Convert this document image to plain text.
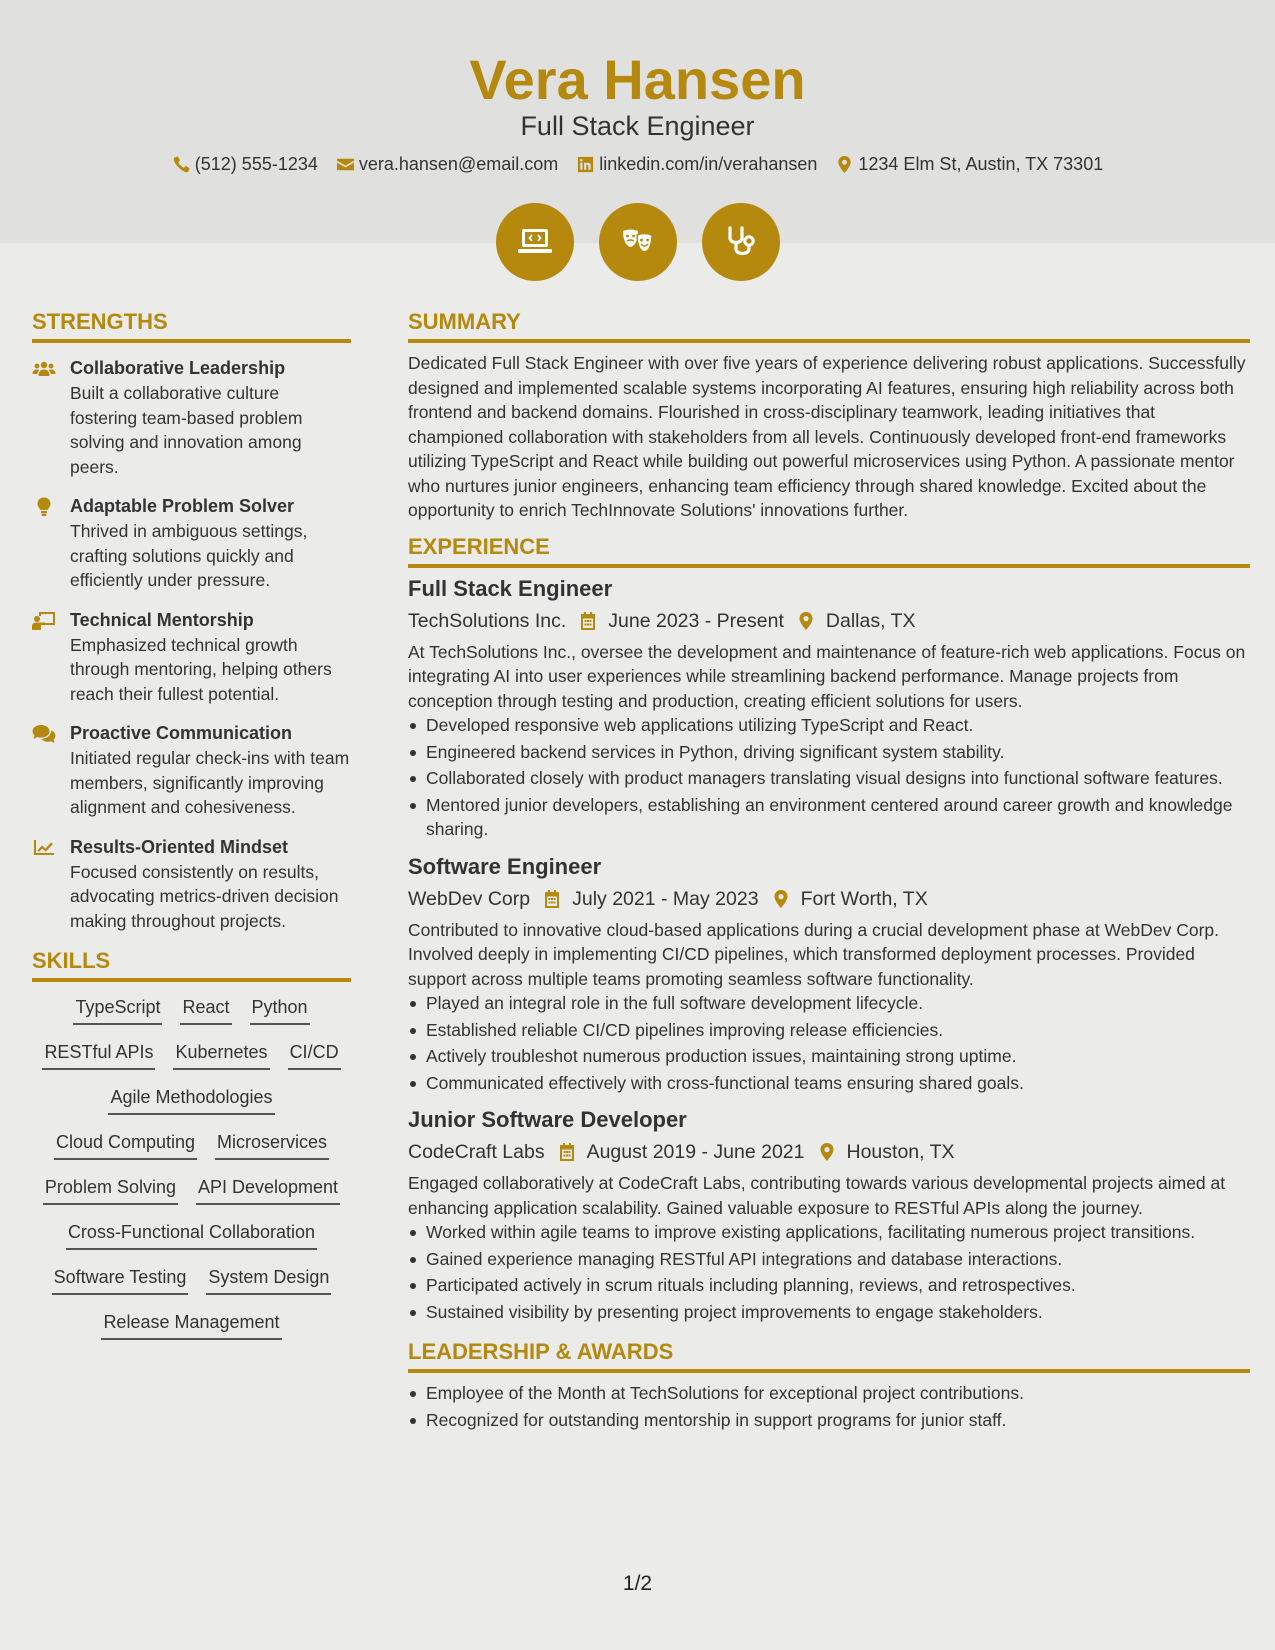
Vera Hansen
Full Stack Engineer
(512) 555-1234 vera.hansen@email.com linkedin.com/in/verahansen 1234 Elm St, Austin, TX 73301
STRENGTHS
Collaborative Leadership
Built a collaborative culture fostering team-based problem solving and innovation among peers.
Adaptable Problem Solver
Thrived in ambiguous settings, crafting solutions quickly and efficiently under pressure.
Technical Mentorship
Emphasized technical growth through mentoring, helping others reach their fullest potential.
Proactive Communication
Initiated regular check-ins with team members, significantly improving alignment and cohesiveness.
Results-Oriented Mindset
Focused consistently on results, advocating metrics-driven decision making throughout projects.
SKILLS
TypeScript React Python
RESTful APIs Kubernetes CI/CD
Agile Methodologies
Cloud Computing Microservices
Problem Solving API Development
Cross-Functional Collaboration
Software Testing System Design
Release Management
SUMMARY
Dedicated Full Stack Engineer with over five years of experience delivering robust applications. Successfully designed and implemented scalable systems incorporating AI features, ensuring high reliability across both frontend and backend domains. Flourished in cross-disciplinary teamwork, leading initiatives that championed collaboration with stakeholders from all levels. Continuously developed front-end frameworks utilizing TypeScript and React while building out powerful microservices using Python. A passionate mentor who nurtures junior engineers, enhancing team efficiency through shared knowledge. Excited about the opportunity to enrich TechInnovate Solutions' innovations further.
EXPERIENCE
Full Stack Engineer
TechSolutions Inc. June 2023 - Present Dallas, TX
At TechSolutions Inc., oversee the development and maintenance of feature-rich web applications. Focus on integrating AI into user experiences while streamlining backend performance. Manage projects from conception through testing and production, creating efficient solutions for users.
Developed responsive web applications utilizing TypeScript and React.
Engineered backend services in Python, driving significant system stability.
Collaborated closely with product managers translating visual designs into functional software features.
Mentored junior developers, establishing an environment centered around career growth and knowledge sharing.
Software Engineer
WebDev Corp July 2021 - May 2023 Fort Worth, TX
Contributed to innovative cloud-based applications during a crucial development phase at WebDev Corp. Involved deeply in implementing CI/CD pipelines, which transformed deployment processes. Provided support across multiple teams promoting seamless software functionality.
Played an integral role in the full software development lifecycle.
Established reliable CI/CD pipelines improving release efficiencies.
Actively troubleshot numerous production issues, maintaining strong uptime.
Communicated effectively with cross-functional teams ensuring shared goals.
Junior Software Developer
CodeCraft Labs August 2019 - June 2021 Houston, TX
Engaged collaboratively at CodeCraft Labs, contributing towards various developmental projects aimed at enhancing application scalability. Gained valuable exposure to RESTful APIs along the journey.
Worked within agile teams to improve existing applications, facilitating numerous project transitions.
Gained experience managing RESTful API integrations and database interactions.
Participated actively in scrum rituals including planning, reviews, and retrospectives.
Sustained visibility by presenting project improvements to engage stakeholders.
LEADERSHIP & AWARDS
Employee of the Month at TechSolutions for exceptional project contributions.
Recognized for outstanding mentorship in support programs for junior staff.
1/2
